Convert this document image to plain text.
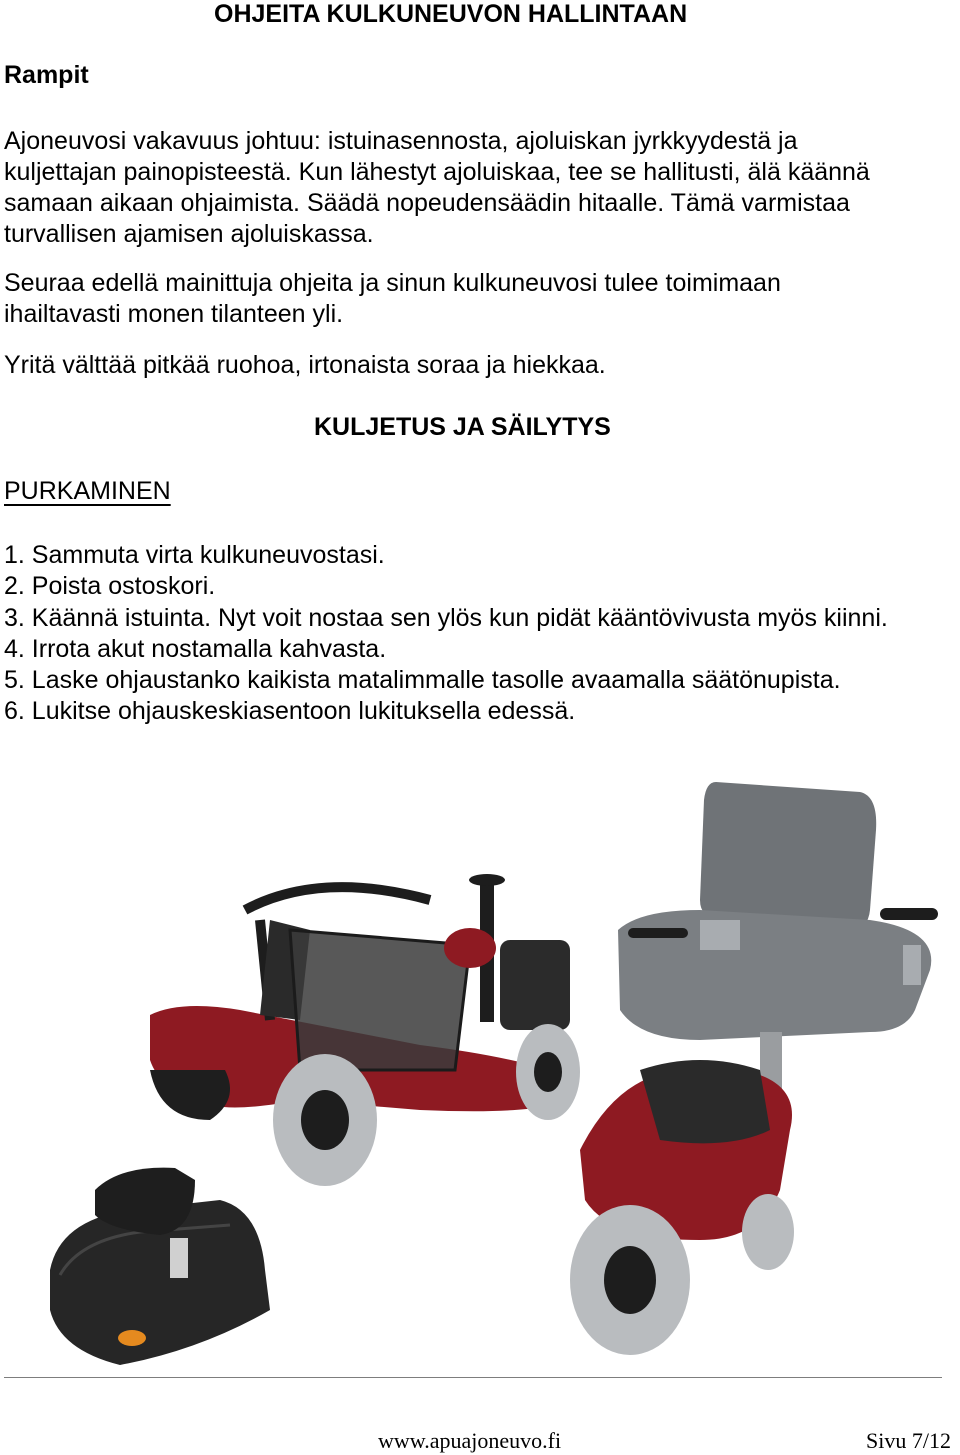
OHJEITA KULKUNEUVON HALLINTAAN
Rampit
Ajoneuvosi vakavuus johtuu: istuinasennosta, ajoluiskan jyrkkyydestä ja kuljettajan painopisteestä. Kun lähestyt ajoluiskaa, tee se hallitusti, älä käännä samaan aikaan ohjaimista. Säädä nopeudensäädin hitaalle. Tämä varmistaa turvallisen ajamisen ajoluiskassa.
Seuraa edellä mainittuja ohjeita ja sinun kulkuneuvosi tulee toimimaan ihailtavasti monen tilanteen yli.
Yritä välttää pitkää ruohoa, irtonaista soraa ja hiekkaa.
KULJETUS JA SÄILYTYS
PURKAMINEN
1. Sammuta virta kulkuneuvostasi.
2. Poista ostoskori.
3. Käännä istuinta. Nyt voit nostaa sen ylös kun pidät kääntövivusta myös kiinni.
4. Irrota akut nostamalla kahvasta.
5. Laske ohjaustanko kaikista matalimmalle tasolle avaamalla säätönupista.
6. Lukitse ohjauskeskiasentoon lukituksella edessä.
www.apuajoneuvo.fi	Sivu 7/12
